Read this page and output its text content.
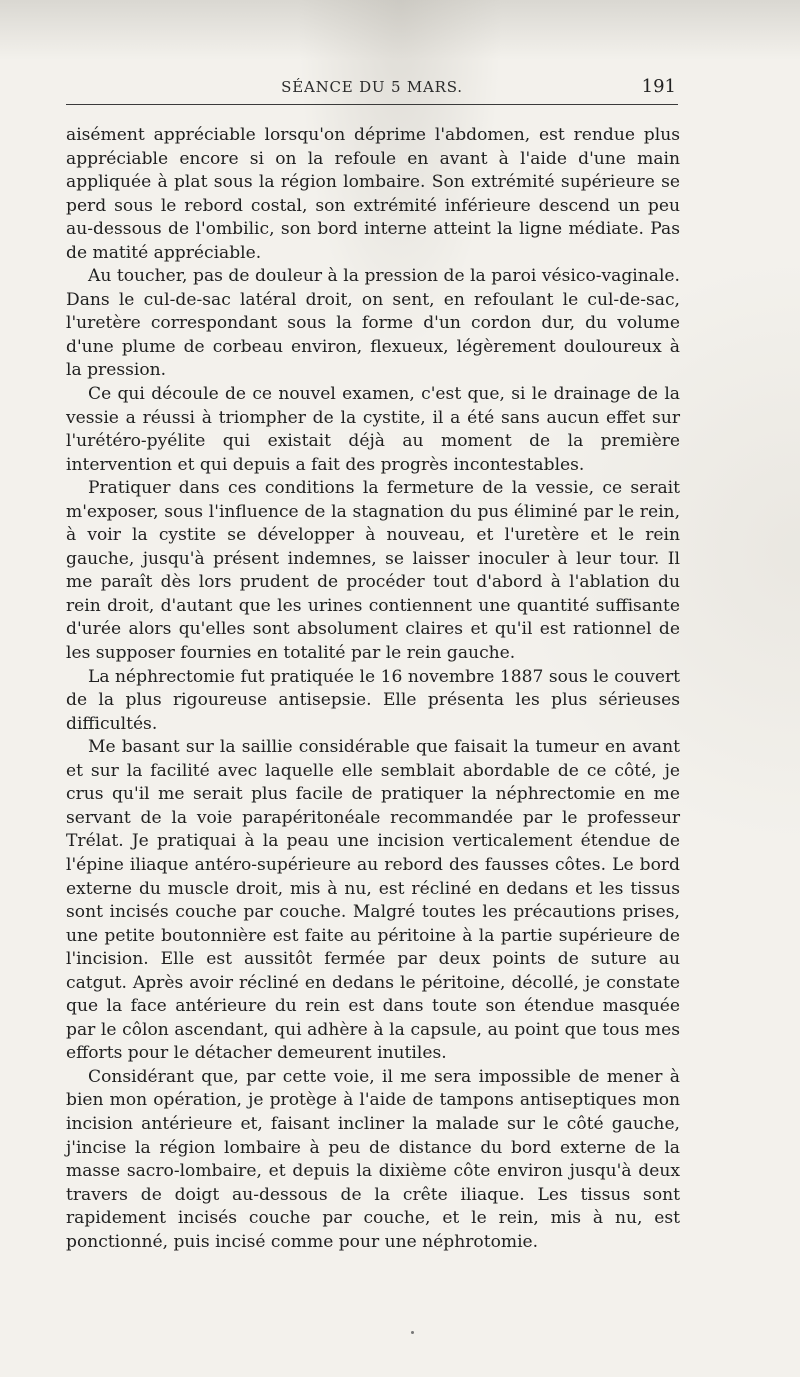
SÉANCE DU 5 MARS.	191

aisément appréciable lorsqu'on déprime l'abdomen, est rendue plus appréciable encore si on la refoule en avant à l'aide d'une main appliquée à plat sous la région lombaire. Son extrémité supérieure se perd sous le rebord costal, son extrémité inférieure descend un peu au-dessous de l'ombilic, son bord interne atteint la ligne médiate. Pas de matité appréciable.

Au toucher, pas de douleur à la pression de la paroi vésico-vaginale. Dans le cul-de-sac latéral droit, on sent, en refoulant le cul-de-sac, l'uretère correspondant sous la forme d'un cordon dur, du volume d'une plume de corbeau environ, flexueux, légèrement douloureux à la pression.

Ce qui découle de ce nouvel examen, c'est que, si le drainage de la vessie a réussi à triompher de la cystite, il a été sans aucun effet sur l'urétéro-pyélite qui existait déjà au moment de la première intervention et qui depuis a fait des progrès incontestables.

Pratiquer dans ces conditions la fermeture de la vessie, ce serait m'exposer, sous l'influence de la stagnation du pus éliminé par le rein, à voir la cystite se développer à nouveau, et l'uretère et le rein gauche, jusqu'à présent indemnes, se laisser inoculer à leur tour. Il me paraît dès lors prudent de procéder tout d'abord à l'ablation du rein droit, d'autant que les urines contiennent une quantité suffisante d'urée alors qu'elles sont absolument claires et qu'il est rationnel de les supposer fournies en totalité par le rein gauche.

La néphrectomie fut pratiquée le 16 novembre 1887 sous le couvert de la plus rigoureuse antisepsie. Elle présenta les plus sérieuses difficultés.

Me basant sur la saillie considérable que faisait la tumeur en avant et sur la facilité avec laquelle elle semblait abordable de ce côté, je crus qu'il me serait plus facile de pratiquer la néphrectomie en me servant de la voie parapéritonéale recommandée par le professeur Trélat. Je pratiquai à la peau une incision verticalement étendue de l'épine iliaque antéro-supérieure au rebord des fausses côtes. Le bord externe du muscle droit, mis à nu, est récliné en dedans et les tissus sont incisés couche par couche. Malgré toutes les précautions prises, une petite boutonnière est faite au péritoine à la partie supérieure de l'incision. Elle est aussitôt fermée par deux points de suture au catgut. Après avoir récliné en dedans le péritoine, décollé, je constate que la face antérieure du rein est dans toute son étendue masquée par le côlon ascendant, qui adhère à la capsule, au point que tous mes efforts pour le détacher demeurent inutiles.

Considérant que, par cette voie, il me sera impossible de mener à bien mon opération, je protège à l'aide de tampons antiseptiques mon incision antérieure et, faisant incliner la malade sur le côté gauche, j'incise la région lombaire à peu de distance du bord externe de la masse sacro-lombaire, et depuis la dixième côte environ jusqu'à deux travers de doigt au-dessous de la crête iliaque. Les tissus sont rapidement incisés couche par couche, et le rein, mis à nu, est ponctionné, puis incisé comme pour une néphrotomie.
